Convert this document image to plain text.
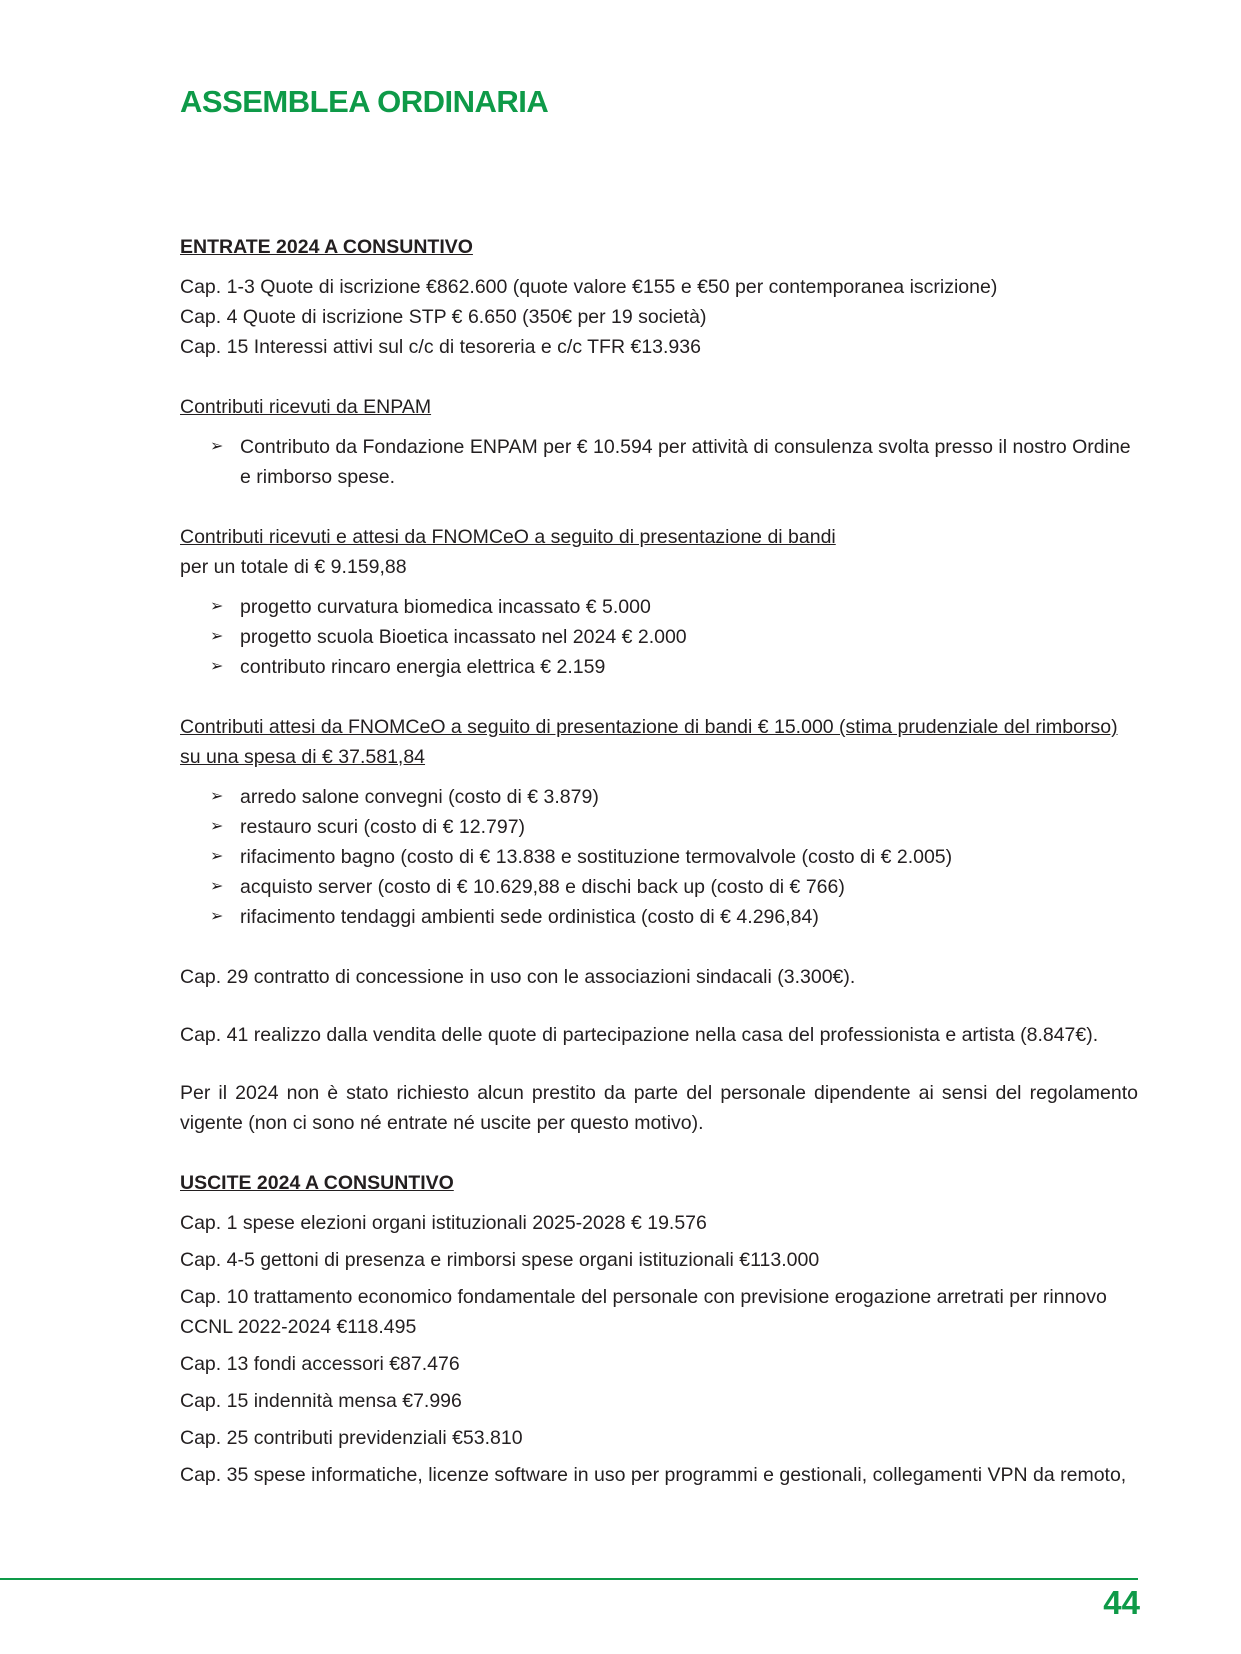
ASSEMBLEA ORDINARIA

ENTRATE 2024 A CONSUNTIVO

Cap. 1-3 Quote di iscrizione €862.600 (quote valore €155 e €50 per contemporanea iscrizione)

Cap. 4 Quote di iscrizione STP € 6.650 (350€ per 19 società)

Cap. 15 Interessi attivi sul c/c di tesoreria e c/c TFR €13.936

Contributi ricevuti da ENPAM

➢ Contributo da Fondazione ENPAM per € 10.594 per attività di consulenza svolta presso il nostro Ordine e rimborso spese.

Contributi ricevuti e attesi da FNOMCeO a seguito di presentazione di bandi

per un totale di € 9.159,88

➢ progetto curvatura biomedica incassato € 5.000
➢ progetto scuola Bioetica incassato nel 2024 € 2.000
➢ contributo rincaro energia elettrica € 2.159

Contributi attesi da FNOMCeO a seguito di presentazione di bandi € 15.000 (stima prudenziale del rimborso) su una spesa di € 37.581,84

➢ arredo salone convegni (costo di € 3.879)
➢ restauro scuri (costo di € 12.797)
➢ rifacimento bagno (costo di € 13.838 e sostituzione termovalvole (costo di € 2.005)
➢ acquisto server (costo di € 10.629,88 e dischi back up (costo di € 766)
➢ rifacimento tendaggi ambienti sede ordinistica (costo di € 4.296,84)

Cap. 29 contratto di concessione in uso con le associazioni sindacali (3.300€).

Cap. 41 realizzo dalla vendita delle quote di partecipazione nella casa del professionista e artista (8.847€).

Per il 2024 non è stato richiesto alcun prestito da parte del personale dipendente ai sensi del regolamento vigente (non ci sono né entrate né uscite per questo motivo).

USCITE 2024 A CONSUNTIVO

Cap. 1 spese elezioni organi istituzionali 2025-2028 € 19.576

Cap. 4-5 gettoni di presenza e rimborsi spese organi istituzionali €113.000

Cap. 10 trattamento economico fondamentale del personale con previsione erogazione arretrati per rinnovo CCNL 2022-2024 €118.495

Cap. 13 fondi accessori €87.476

Cap. 15 indennità mensa €7.996

Cap. 25 contributi previdenziali €53.810

Cap. 35 spese informatiche, licenze software in uso per programmi e gestionali, collegamenti VPN da remoto,

44
